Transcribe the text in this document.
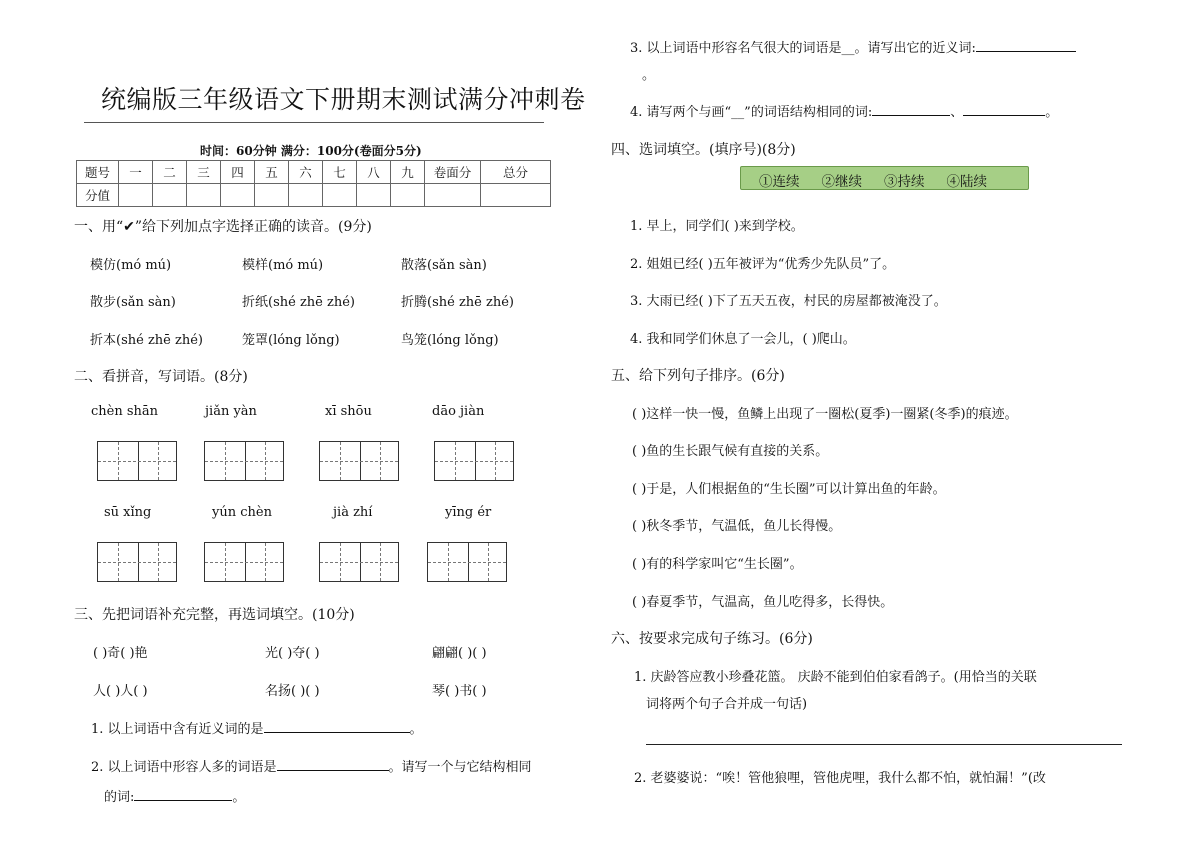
统编版三年级语文下册期末测试满分冲刺卷
时间：60分钟 满分：100分(卷面分5分)
题号	一	二	三	四	五	六	七	八	九	卷面分	总分
分值											
一、用“✔”给下列加点字选择正确的读音。(9分)
模仿(mó mú)	模样(mó mú)	散落(sǎn sàn)
散步(sǎn sàn)	折纸(shé zhē zhé)	折腾(shé zhē zhé)
折本(shé zhē zhé)	笼罩(lóng lǒng)	鸟笼(lóng lǒng)
二、看拼音，写词语。(8分)
chèn shān	jiǎn yàn	xī shōu	dāo jiàn
sū xǐng	yún chèn	jià zhí	yīng ér
三、先把词语补充完整，再选词填空。(10分)
( )奇( )艳	光( )夺( )	翩翩( )( )
人( )人( )	名扬( )( )	琴( )书( )
1. 以上词语中含有近义词的是	。
2. 以上词语中形容人多的词语是	。请写一个与它结构相同
的词:	。
3. 以上词语中形容名气很大的词语是__。请写出它的近义词:
。
4. 请写两个与画“__”的词语结构相同的词:	、	。
四、选词填空。(填序号)(8分)
①连续 ②继续 ③持续 ④陆续
1. 早上，同学们( )来到学校。
2. 姐姐已经( )五年被评为“优秀少先队员”了。
3. 大雨已经( )下了五天五夜，村民的房屋都被淹没了。
4. 我和同学们休息了一会儿，( )爬山。
五、给下列句子排序。(6分)
( )这样一快一慢，鱼鳞上出现了一圈松(夏季)一圈紧(冬季)的痕迹。
( )鱼的生长跟气候有直接的关系。
( )于是，人们根据鱼的“生长圈”可以计算出鱼的年龄。
( )秋冬季节，气温低，鱼儿长得慢。
( )有的科学家叫它“生长圈”。
( )春夏季节，气温高，鱼儿吃得多，长得快。
六、按要求完成句子练习。(6分)
1. 庆龄答应教小珍叠花篮。 庆龄不能到伯伯家看鸽子。(用恰当的关联
词将两个句子合并成一句话)
2. 老婆婆说：“唉！管他狼哩，管他虎哩，我什么都不怕，就怕漏！”(改
